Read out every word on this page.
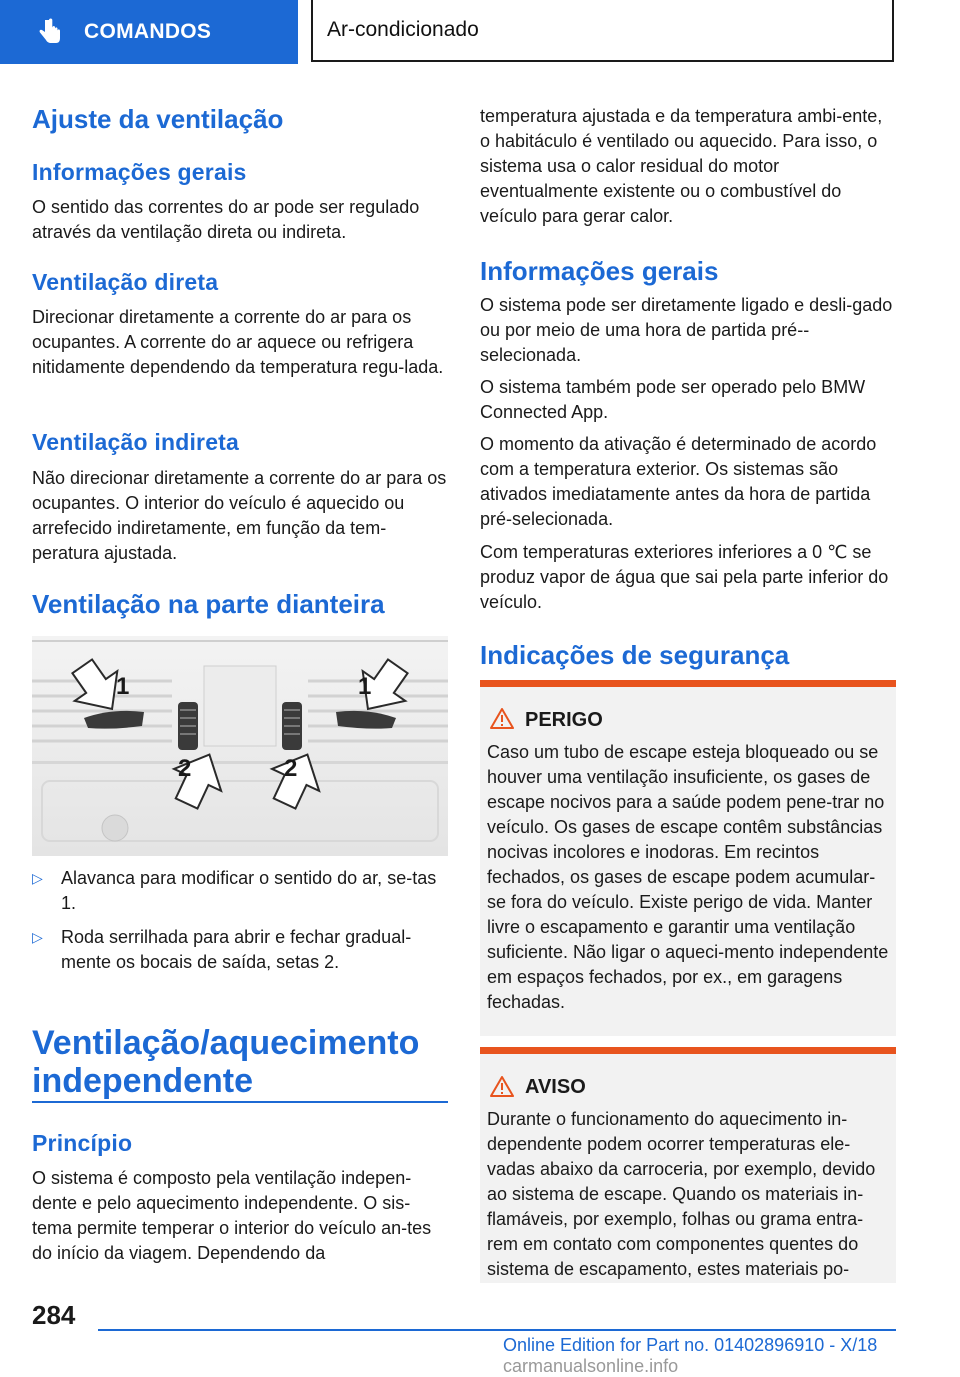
COMANDOS	Ar-condicionado
Ajuste da ventilação
Informações gerais

O sentido das correntes do ar pode ser regulado através da ventilação direta ou indireta.

Ventilação direta

Direcionar diretamente a corrente do ar para os ocupantes. A corrente do ar aquece ou refrigera nitidamente dependendo da temperatura regu-lada.

Ventilação indireta

Não direcionar diretamente a corrente do ar para os ocupantes. O interior do veículo é aquecido ou arrefecido indiretamente, em função da tem-peratura ajustada.

Ventilação na parte dianteira
1	1
2	2
▷ Alavanca para modificar o sentido do ar, se-tas 1.
▷ Roda serrilhada para abrir e fechar gradual-mente os bocais de saída, setas 2.
Ventilação/aquecimento independente
Princípio

O sistema é composto pela ventilação indepen-dente e pelo aquecimento independente. O sis-tema permite temperar o interior do veículo an-tes do início da viagem. Dependendo da

temperatura ajustada e da temperatura ambi-ente, o habitáculo é ventilado ou aquecido. Para isso, o sistema usa o calor residual do motor eventualmente existente ou o combustível do veículo para gerar calor.

Informações gerais

O sistema pode ser diretamente ligado e desli-gado ou por meio de uma hora de partida pré--selecionada.

O sistema também pode ser operado pelo BMW Connected App.

O momento da ativação é determinado de acordo com a temperatura exterior. Os sistemas são ativados imediatamente antes da hora de partida pré-selecionada.

Com temperaturas exteriores inferiores a 0 ℃ se produz vapor de água que sai pela parte inferior do veículo.

Indicações de segurança
PERIGO
Caso um tubo de escape esteja bloqueado ou se houver uma ventilação insuficiente, os gases de escape nocivos para a saúde podem pene-trar no veículo. Os gases de escape contêm substâncias nocivas incolores e inodoras. Em recintos fechados, os gases de escape podem acumular-se fora do veículo. Existe perigo de vida. Manter livre o escapamento e garantir uma ventilação suficiente. Não ligar o aqueci-mento independente em espaços fechados, por ex., em garagens fechadas.
AVISO
Durante o funcionamento do aquecimento in-dependente podem ocorrer temperaturas ele-vadas abaixo da carroceria, por exemplo, devido ao sistema de escape. Quando os materiais in-flamáveis, por exemplo, folhas ou grama entra-rem em contato com componentes quentes do sistema de escapamento, estes materiais po-
284
Online Edition for Part no. 01402896910 - X/18 carmanualsonline.info
